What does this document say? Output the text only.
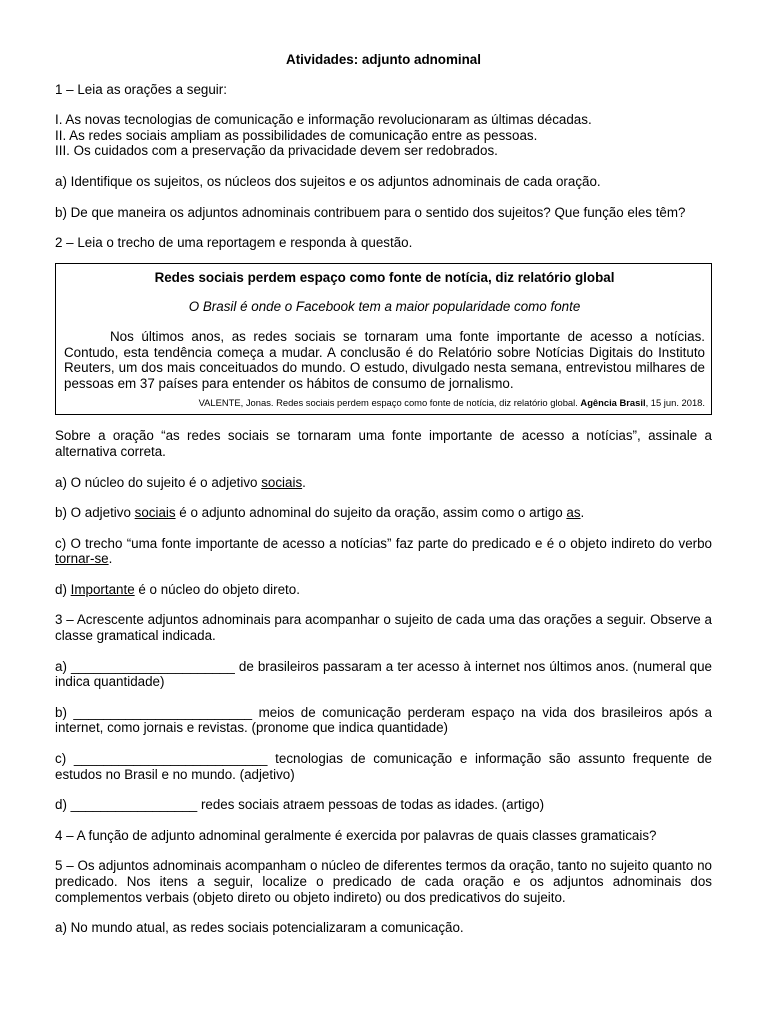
Atividades: adjunto adnominal

1 – Leia as orações a seguir:

I. As novas tecnologias de comunicação e informação revolucionaram as últimas décadas.

II. As redes sociais ampliam as possibilidades de comunicação entre as pessoas.

III. Os cuidados com a preservação da privacidade devem ser redobrados.

a) Identifique os sujeitos, os núcleos dos sujeitos e os adjuntos adnominais de cada oração.

b) De que maneira os adjuntos adnominais contribuem para o sentido dos sujeitos? Que função eles têm?

2 – Leia o trecho de uma reportagem e responda à questão.

Redes sociais perdem espaço como fonte de notícia, diz relatório global

O Brasil é onde o Facebook tem a maior popularidade como fonte

Nos últimos anos, as redes sociais se tornaram uma fonte importante de acesso a notícias. Contudo, esta tendência começa a mudar. A conclusão é do Relatório sobre Notícias Digitais do Instituto Reuters, um dos mais conceituados do mundo. O estudo, divulgado nesta semana, entrevistou milhares de pessoas em 37 países para entender os hábitos de consumo de jornalismo.

VALENTE, Jonas. Redes sociais perdem espaço como fonte de notícia, diz relatório global. Agência Brasil, 15 jun. 2018.

Sobre a oração “as redes sociais se tornaram uma fonte importante de acesso a notícias”, assinale a alternativa correta.

a) O núcleo do sujeito é o adjetivo sociais.

b) O adjetivo sociais é o adjunto adnominal do sujeito da oração, assim como o artigo as.

c) O trecho “uma fonte importante de acesso a notícias” faz parte do predicado e é o objeto indireto do verbo tornar-se.

d) Importante é o núcleo do objeto direto.

3 – Acrescente adjuntos adnominais para acompanhar o sujeito de cada uma das orações a seguir. Observe a classe gramatical indicada.

a) ______________________ de brasileiros passaram a ter acesso à internet nos últimos anos. (numeral que indica quantidade)

b) ________________________ meios de comunicação perderam espaço na vida dos brasileiros após a internet, como jornais e revistas. (pronome que indica quantidade)

c) __________________________ tecnologias de comunicação e informação são assunto frequente de estudos no Brasil e no mundo. (adjetivo)

d) _________________ redes sociais atraem pessoas de todas as idades. (artigo)

4 – A função de adjunto adnominal geralmente é exercida por palavras de quais classes gramaticais?

5 – Os adjuntos adnominais acompanham o núcleo de diferentes termos da oração, tanto no sujeito quanto no predicado. Nos itens a seguir, localize o predicado de cada oração e os adjuntos adnominais dos complementos verbais (objeto direto ou objeto indireto) ou dos predicativos do sujeito.

a) No mundo atual, as redes sociais potencializaram a comunicação.
